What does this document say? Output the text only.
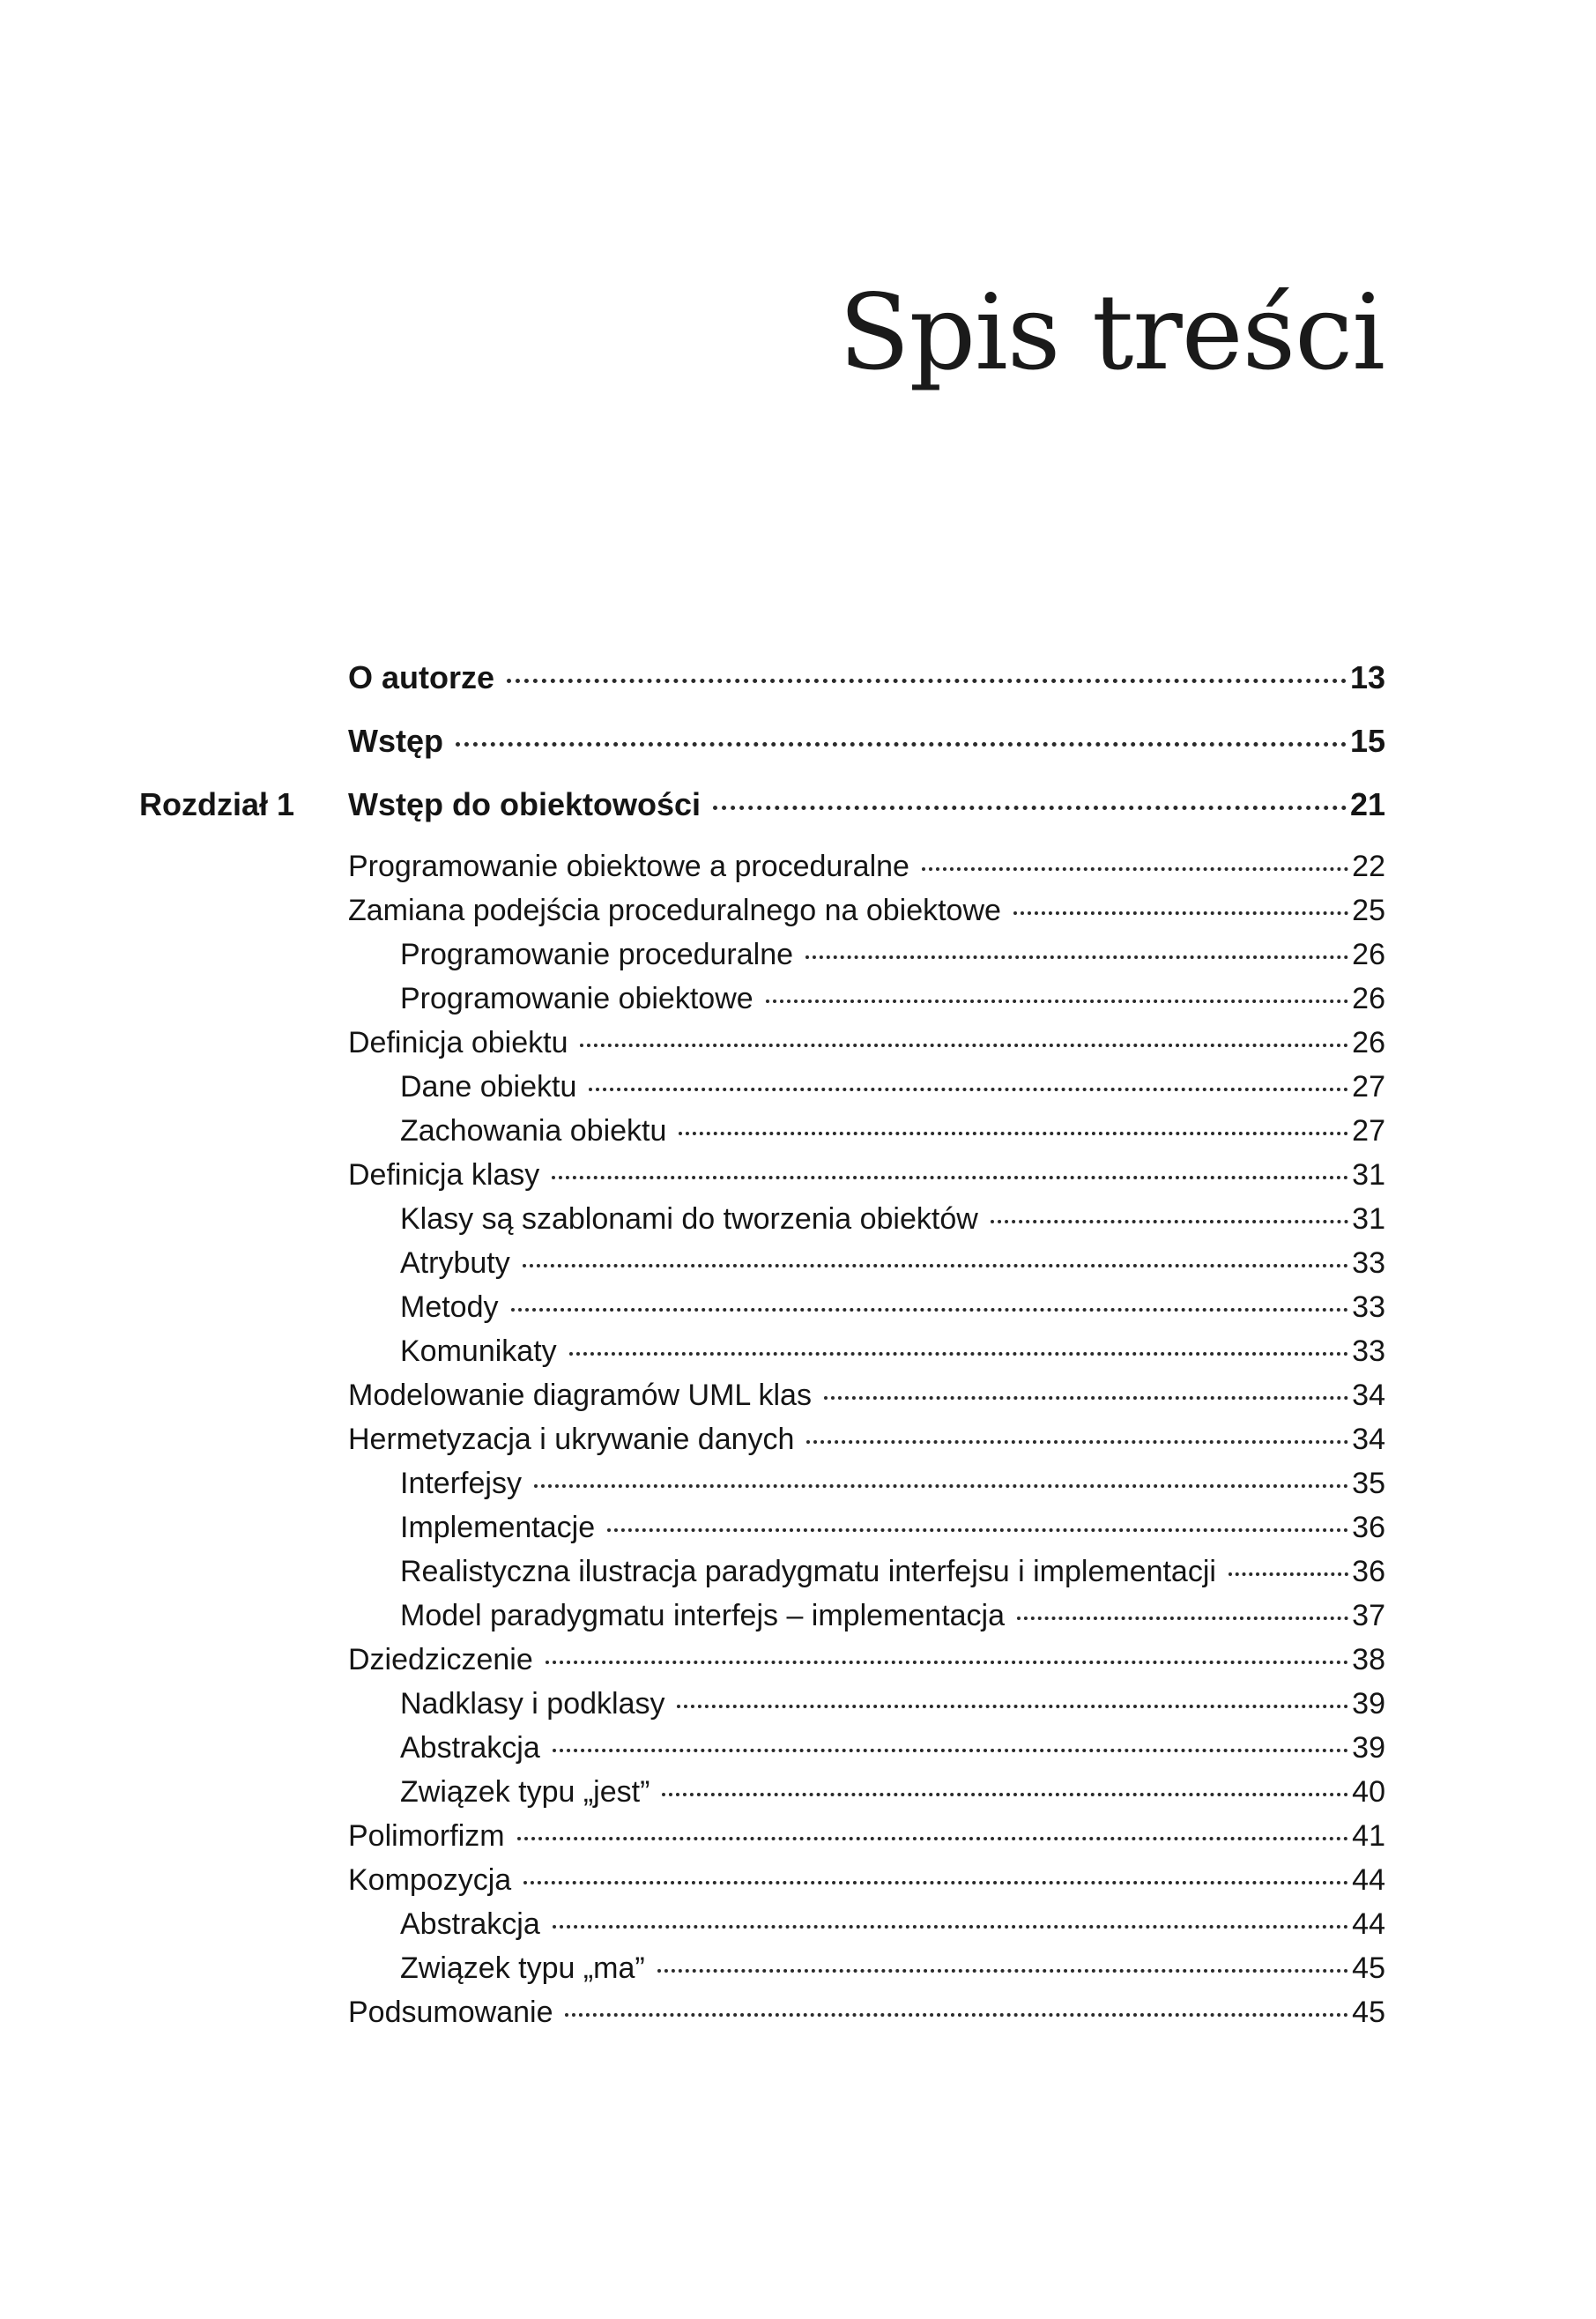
Spis treści
O autorze	13
Wstęp	15
Rozdział 1	Wstęp do obiektowości	21
Programowanie obiektowe a proceduralne	22
Zamiana podejścia proceduralnego na obiektowe	25
Programowanie proceduralne	26
Programowanie obiektowe	26
Definicja obiektu	26
Dane obiektu	27
Zachowania obiektu	27
Definicja klasy	31
Klasy są szablonami do tworzenia obiektów	31
Atrybuty	33
Metody	33
Komunikaty	33
Modelowanie diagramów UML klas	34
Hermetyzacja i ukrywanie danych	34
Interfejsy	35
Implementacje	36
Realistyczna ilustracja paradygmatu interfejsu i implementacji	36
Model paradygmatu interfejs – implementacja	37
Dziedziczenie	38
Nadklasy i podklasy	39
Abstrakcja	39
Związek typu „jest”	40
Polimorfizm	41
Kompozycja	44
Abstrakcja	44
Związek typu „ma”	45
Podsumowanie	45
